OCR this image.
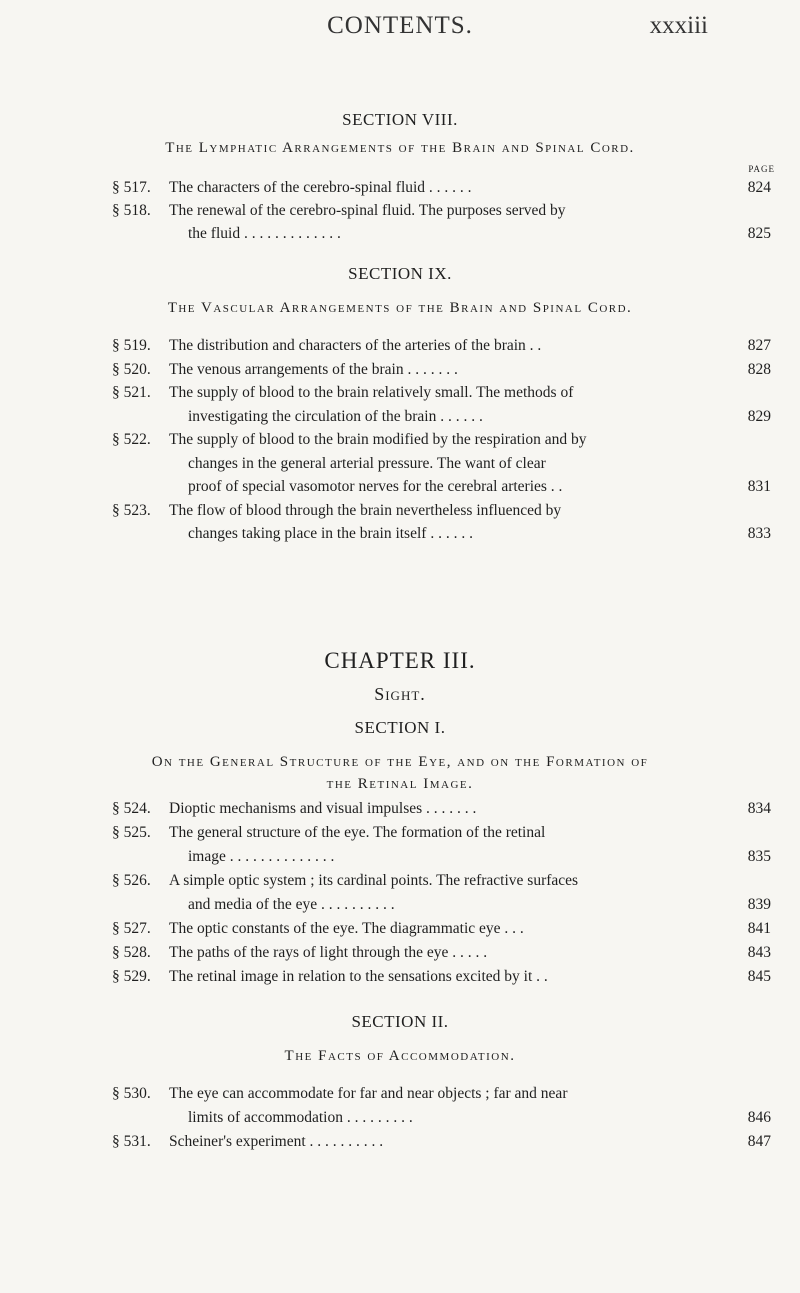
CONTENTS.	xxxiii
SECTION VIII.
The Lymphatic Arrangements of the Brain and Spinal Cord.
PAGE
§ 517. The characters of the cerebro-spinal fluid . . . . . .	824
§ 518. The renewal of the cerebro-spinal fluid. The purposes served by
the fluid . . . . . . . . . . . . .	825
SECTION IX.
The Vascular Arrangements of the Brain and Spinal Cord.
§ 519. The distribution and characters of the arteries of the brain . .	827
§ 520. The venous arrangements of the brain . . . . . . .	828
§ 521. The supply of blood to the brain relatively small. The methods of
investigating the circulation of the brain . . . . . .	829
§ 522. The supply of blood to the brain modified by the respiration and by
changes in the general arterial pressure. The want of clear
proof of special vasomotor nerves for the cerebral arteries . .	831
§ 523. The flow of blood through the brain nevertheless influenced by
changes taking place in the brain itself . . . . . .	833
CHAPTER III.
Sight.
SECTION I.
On the General Structure of the Eye, and on the Formation of
the Retinal Image.
§ 524. Dioptic mechanisms and visual impulses . . . . . . .	834
§ 525. The general structure of the eye. The formation of the retinal
image . . . . . . . . . . . . . .	835
§ 526. A simple optic system ; its cardinal points. The refractive surfaces
and media of the eye . . . . . . . . . .	839
§ 527. The optic constants of the eye. The diagrammatic eye . . .	841
§ 528. The paths of the rays of light through the eye . . . . .	843
§ 529. The retinal image in relation to the sensations excited by it . .	845
SECTION II.
The Facts of Accommodation.
§ 530. The eye can accommodate for far and near objects ; far and near
limits of accommodation . . . . . . . . .	846
§ 531. Scheiner's experiment . . . . . . . . . .	847
